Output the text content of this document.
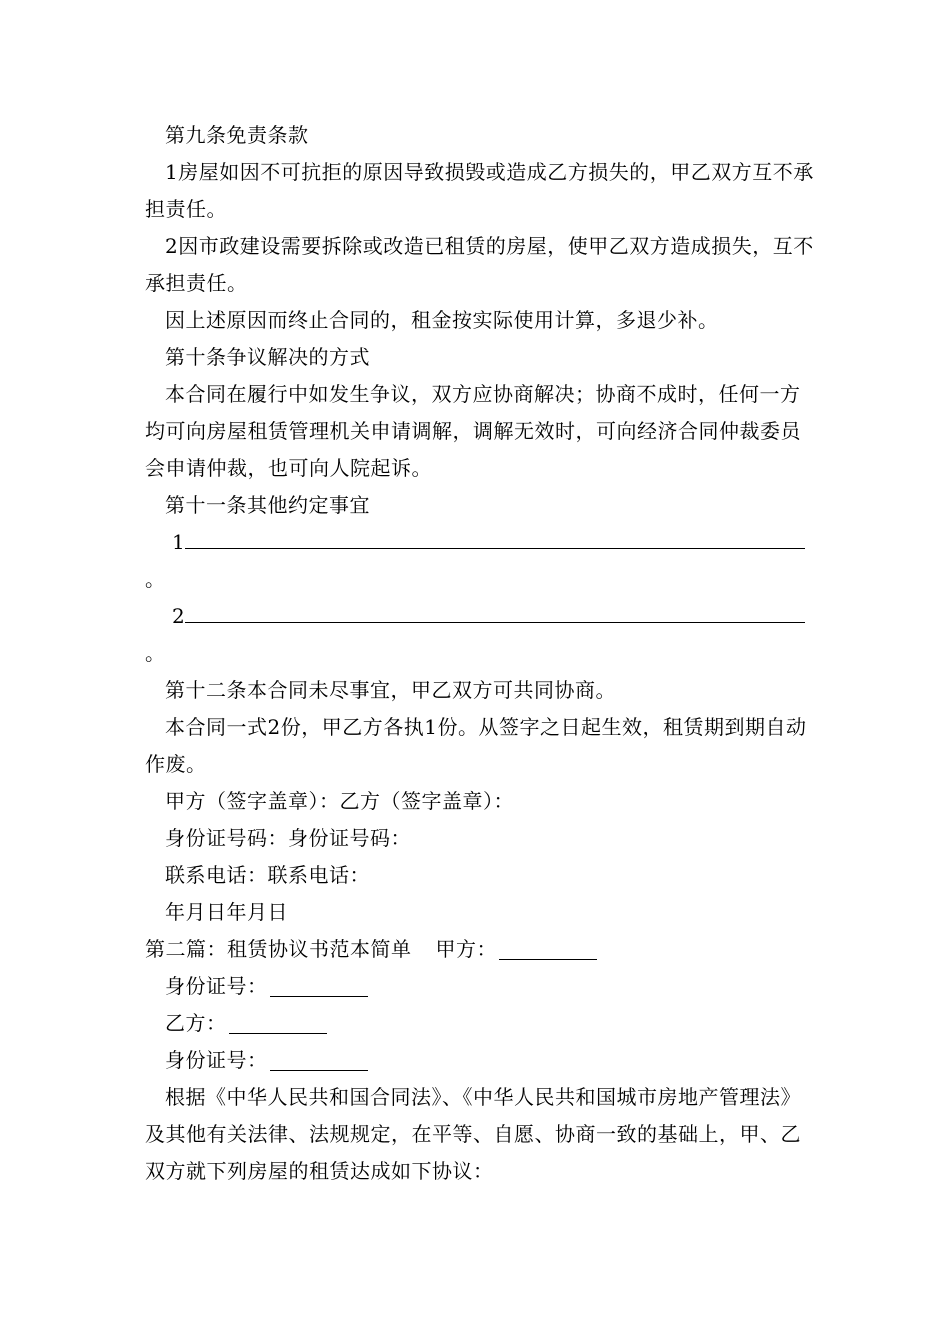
第九条免责条款
1房屋如因不可抗拒的原因导致损毁或造成乙方损失的，甲乙双方互不承担责任。
2因市政建设需要拆除或改造已租赁的房屋，使甲乙双方造成损失，互不承担责任。
因上述原因而终止合同的，租金按实际使用计算，多退少补。
第十条争议解决的方式
本合同在履行中如发生争议，双方应协商解决；协商不成时，任何一方均可向房屋租赁管理机关申请调解，调解无效时，可向经济合同仲裁委员会申请仲裁，也可向人院起诉。
第十一条其他约定事宜
1
。
2
。
第十二条本合同未尽事宜，甲乙双方可共同协商。
本合同一式2份，甲乙方各执1份。从签字之日起生效，租赁期到期自动作废。
甲方（签字盖章）：乙方（签字盖章）：
身份证号码：身份证号码：
联系电话：联系电话：
年月日年月日
第二篇：租赁协议书范本简单 甲方：
身份证号：
乙方：
身份证号：
根据《中华人民共和国合同法》、《中华人民共和国城市房地产管理法》及其他有关法律、法规规定，在平等、自愿、协商一致的基础上，甲、乙双方就下列房屋的租赁达成如下协议：
